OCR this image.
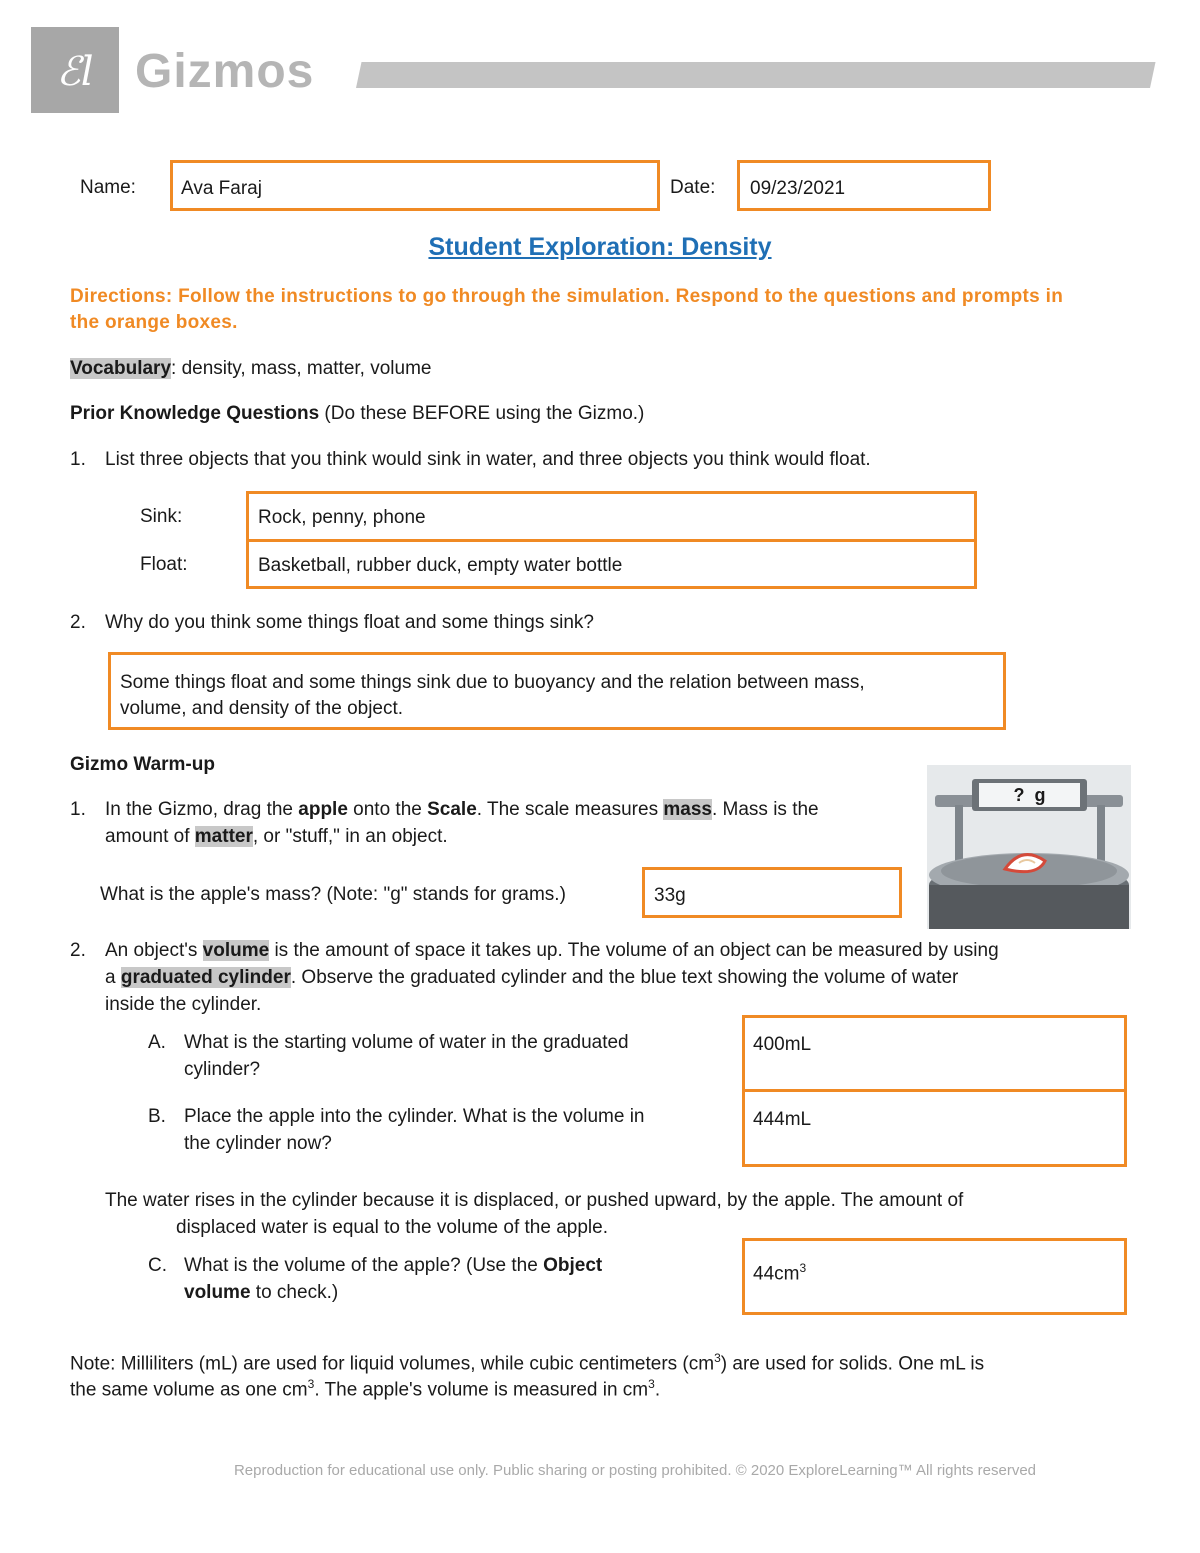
ℰl Gizmos
Name: Ava Faraj	Date: 09/23/2021
Student Exploration: Density
Directions: Follow the instructions to go through the simulation. Respond to the questions and prompts in the orange boxes.
Vocabulary: density, mass, matter, volume
Prior Knowledge Questions (Do these BEFORE using the Gizmo.)
1.	List three objects that you think would sink in water, and three objects you think would float.
Sink:	Rock, penny, phone
Float:	Basketball, rubber duck, empty water bottle
2.	Why do you think some things float and some things sink?
Some things float and some things sink due to buoyancy and the relation between mass,
volume, and density of the object.
Gizmo Warm-up
1. In the Gizmo, drag the apple onto the Scale. The scale measures mass. Mass is the
amount of matter, or "stuff," in an object.
What is the apple's mass? (Note: "g" stands for grams.)	33g
?  g
2. An object's volume is the amount of space it takes up. The volume of an object can be measured by using
a graduated cylinder. Observe the graduated cylinder and the blue text showing the volume of water
inside the cylinder.
A. What is the starting volume of water in the graduated
cylinder?
400mL
B. Place the apple into the cylinder. What is the volume in
the cylinder now?
444mL
The water rises in the cylinder because it is displaced, or pushed upward, by the apple. The amount of
displaced water is equal to the volume of the apple.
C. What is the volume of the apple? (Use the Object
volume to check.)
$44cm^3$
Note: Milliliters (mL) are used for liquid volumes, while cubic centimeters $(cm^3)$ are used for solids. One mL is
the same volume as one $cm^3$. The apple's volume is measured in $cm^3$.
Reproduction for educational use only. Public sharing or posting prohibited. © 2020 ExploreLearning™ All rights reserved
